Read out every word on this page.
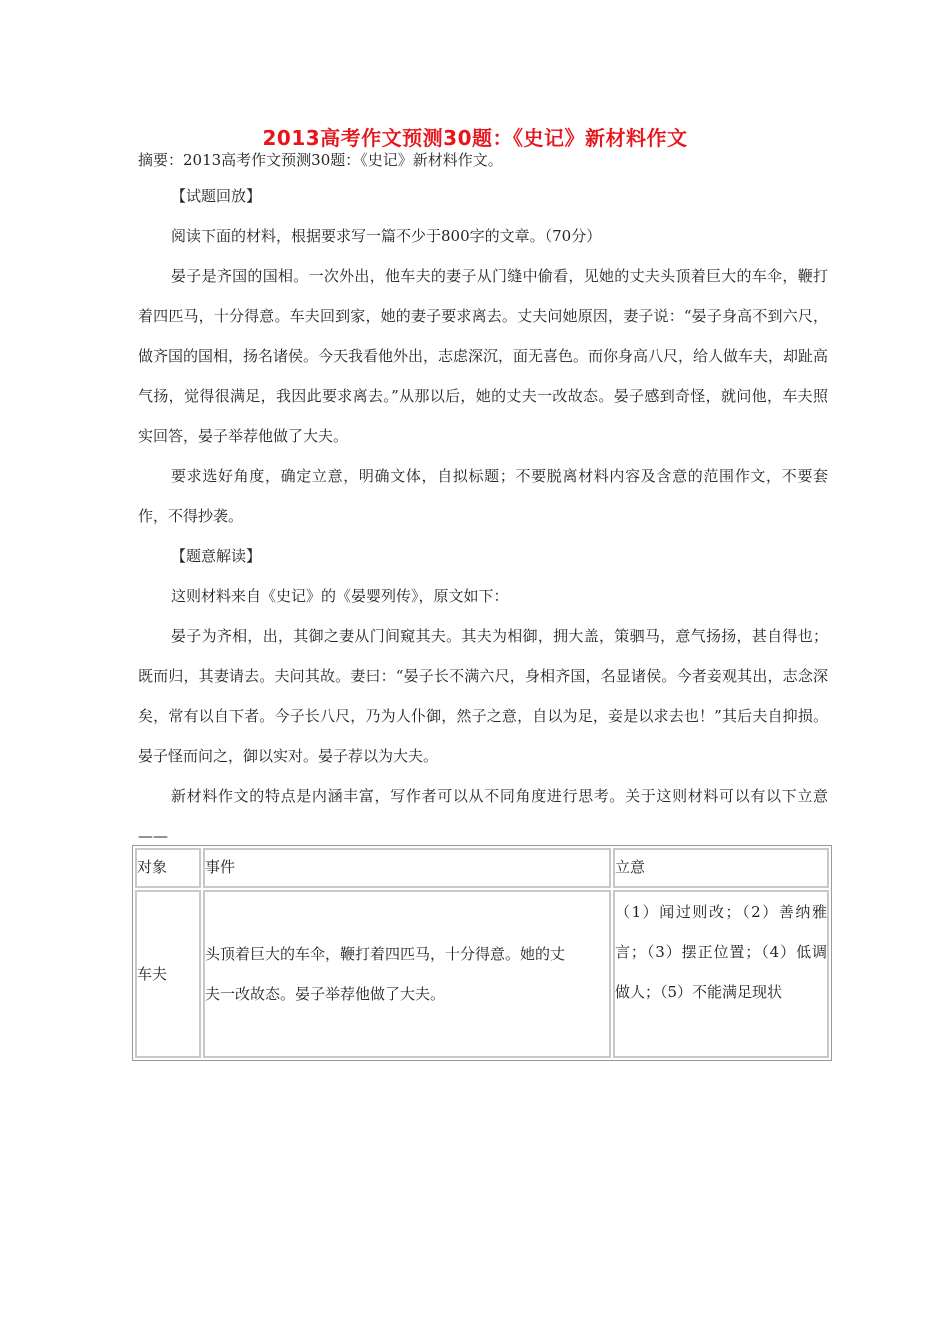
2013高考作文预测30题：《史记》新材料作文

摘要：2013高考作文预测30题：《史记》新材料作文。

【试题回放】

阅读下面的材料，根据要求写一篇不少于800字的文章。（70分）

晏子是齐国的国相。一次外出，他车夫的妻子从门缝中偷看，见她的丈夫头顶着巨大的车伞，鞭打着四匹马，十分得意。车夫回到家，她的妻子要求离去。丈夫问她原因，妻子说：“晏子身高不到六尺，做齐国的国相，扬名诸侯。今天我看他外出，志虑深沉，面无喜色。而你身高八尺，给人做车夫，却趾高气扬，觉得很满足，我因此要求离去。”从那以后，她的丈夫一改故态。晏子感到奇怪，就问他，车夫照实回答，晏子举荐他做了大夫。

要求选好角度，确定立意，明确文体，自拟标题；不要脱离材料内容及含意的范围作文，不要套作，不得抄袭。

【题意解读】

这则材料来自《史记》的《晏婴列传》，原文如下：

晏子为齐相，出，其御之妻从门间窥其夫。其夫为相御，拥大盖，策驷马，意气扬扬，甚自得也；既而归，其妻请去。夫问其故。妻曰：“晏子长不满六尺，身相齐国，名显诸侯。今者妾观其出，志念深矣，常有以自下者。今子长八尺，乃为人仆御，然子之意，自以为足，妾是以求去也！”其后夫自抑损。晏子怪而问之，御以实对。晏子荐以为大夫。

新材料作文的特点是内涵丰富，写作者可以从不同角度进行思考。关于这则材料可以有以下立意——

对象	事件	立意
车夫	头顶着巨大的车伞，鞭打着四匹马，十分得意。她的丈
夫一改故态。晏子举荐他做了大夫。	（1）闻过则改；（2）善纳雅言；（3）摆正位置；（4）低调做人；（5）不能满足现状
